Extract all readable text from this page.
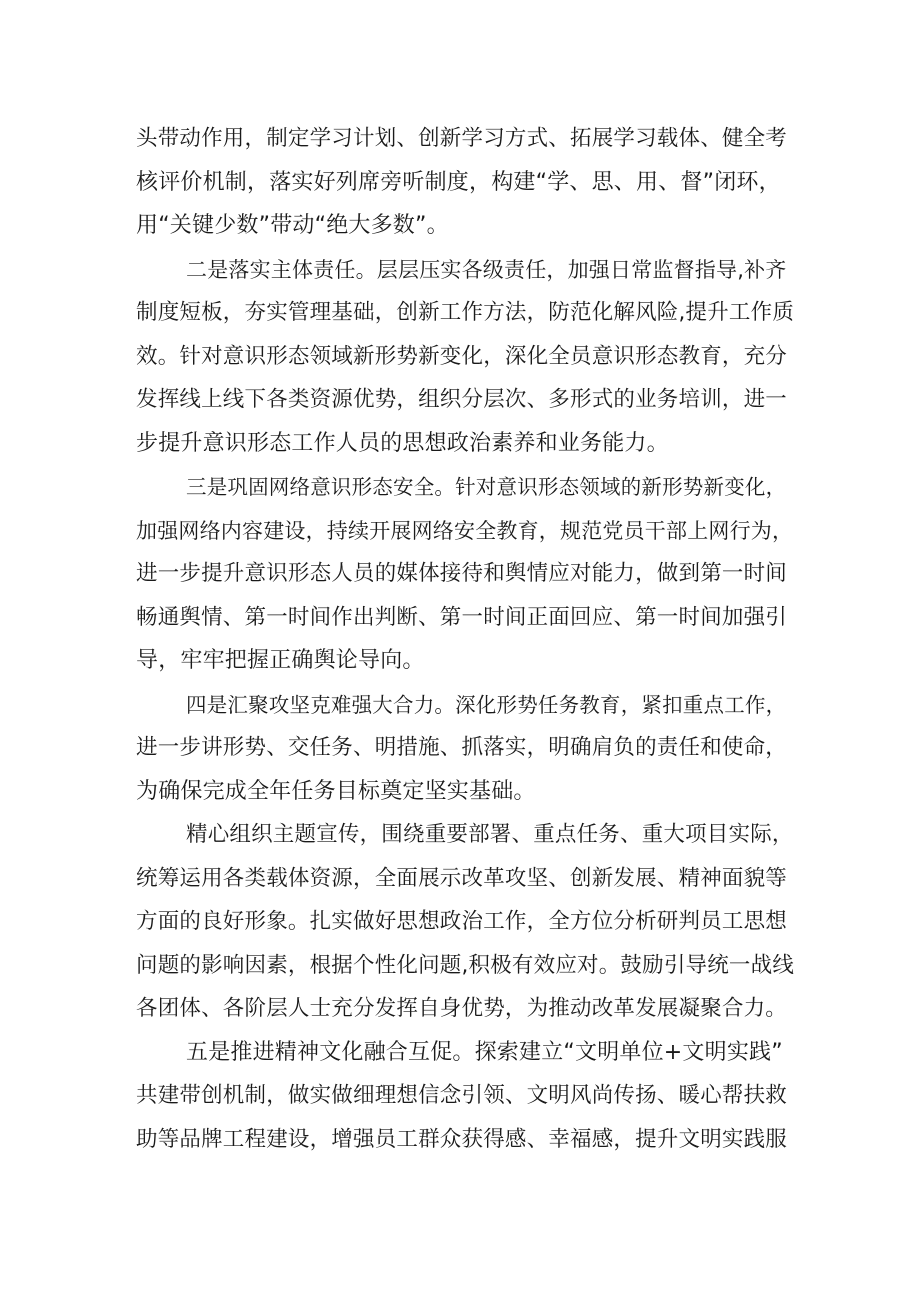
头带动作用，制定学习计划、创新学习方式、拓展学习载体、健全考
核评价机制，落实好列席旁听制度，构建“学、思、用、督”闭环，
用“关键少数”带动“绝大多数”。
二是落实主体责任。层层压实各级责任，加强日常监督指导,补齐
制度短板，夯实管理基础，创新工作方法，防范化解风险,提升工作质
效。针对意识形态领域新形势新变化，深化全员意识形态教育，充分
发挥线上线下各类资源优势，组织分层次、多形式的业务培训，进一
步提升意识形态工作人员的思想政治素养和业务能力。
三是巩固网络意识形态安全。针对意识形态领域的新形势新变化，
加强网络内容建设，持续开展网络安全教育，规范党员干部上网行为，
进一步提升意识形态人员的媒体接待和舆情应对能力，做到第一时间
畅通舆情、第一时间作出判断、第一时间正面回应、第一时间加强引
导，牢牢把握正确舆论导向。
四是汇聚攻坚克难强大合力。深化形势任务教育，紧扣重点工作，
进一步讲形势、交任务、明措施、抓落实，明确肩负的责任和使命，
为确保完成全年任务目标奠定坚实基础。
精心组织主题宣传，围绕重要部署、重点任务、重大项目实际，
统筹运用各类载体资源，全面展示改革攻坚、创新发展、精神面貌等
方面的良好形象。扎实做好思想政治工作，全方位分析研判员工思想
问题的影响因素，根据个性化问题,积极有效应对。鼓励引导统一战线
各团体、各阶层人士充分发挥自身优势，为推动改革发展凝聚合力。
五是推进精神文化融合互促。探索建立“文明单位+文明实践”
共建带创机制，做实做细理想信念引领、文明风尚传扬、暖心帮扶救
助等品牌工程建设，增强员工群众获得感、幸福感，提升文明实践服
